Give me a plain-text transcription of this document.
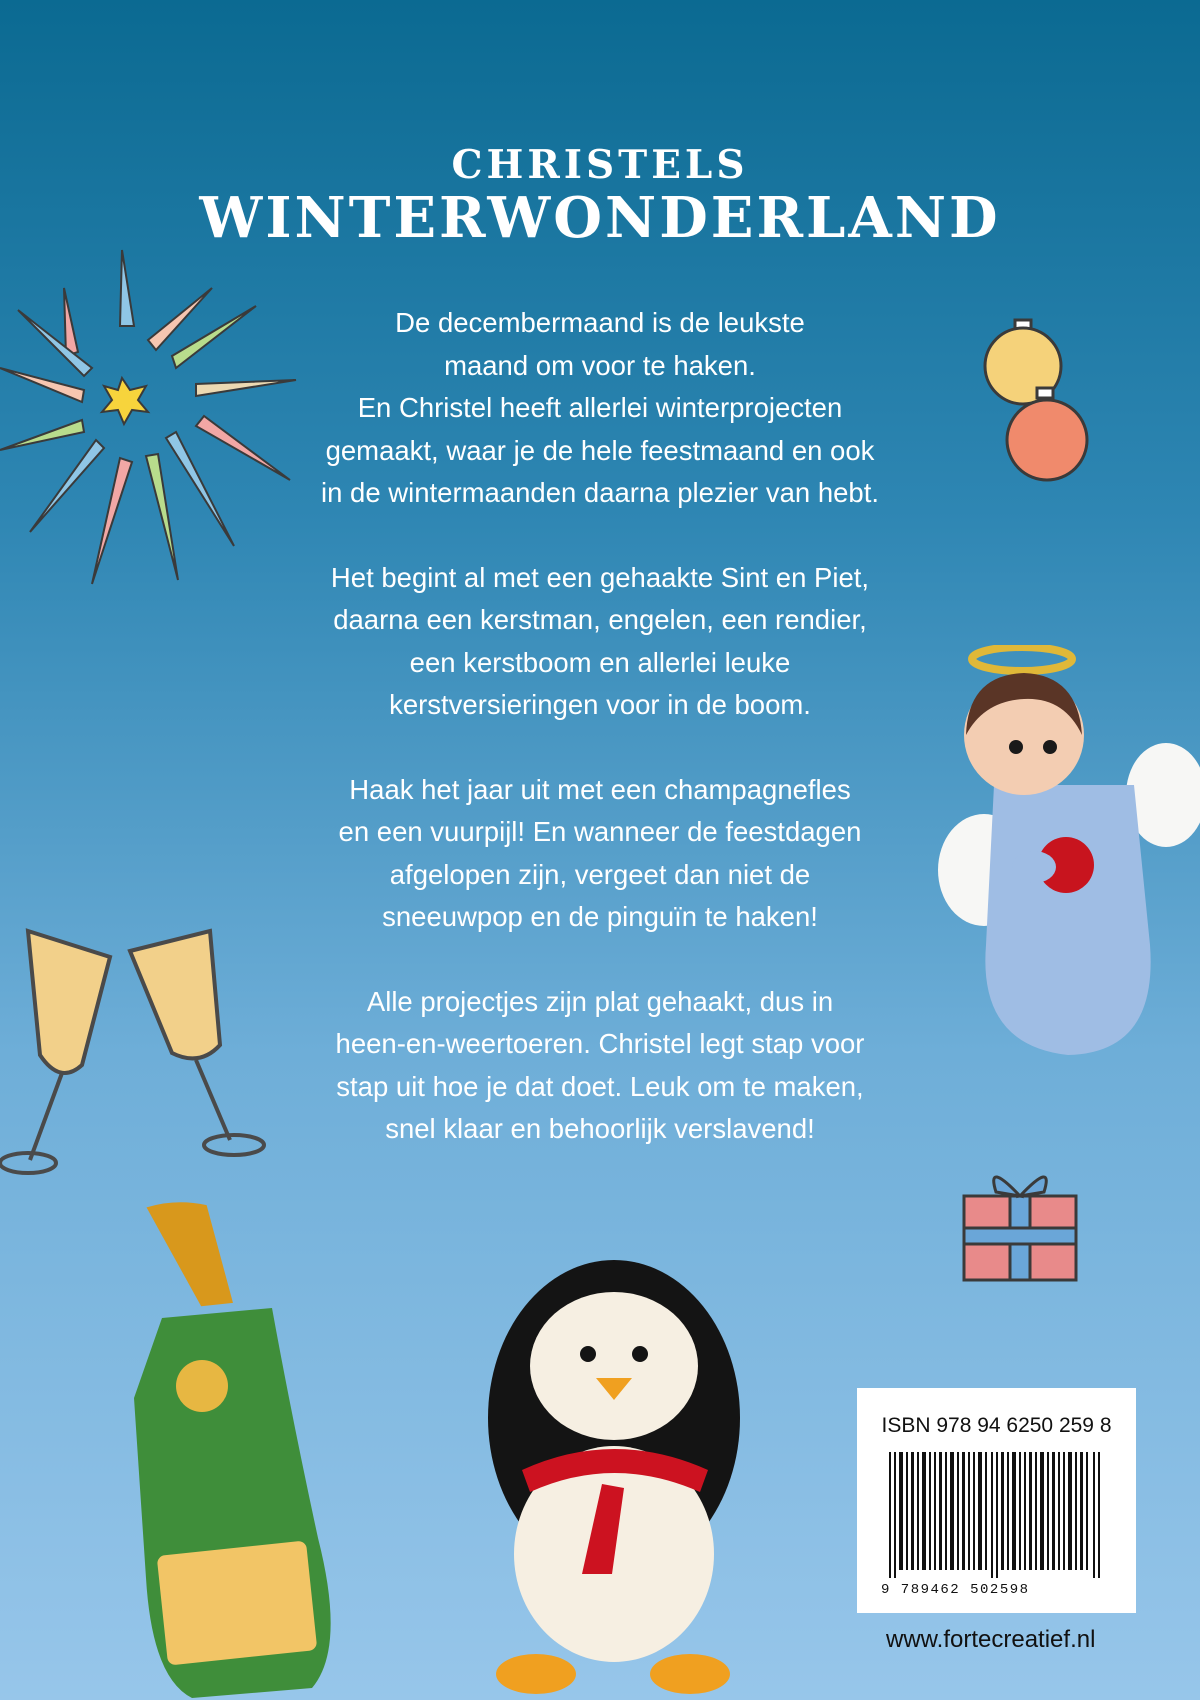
CHRISTELS
WINTERWONDERLAND
De decembermaand is de leukste
maand om voor te haken.
En Christel heeft allerlei winterprojecten
gemaakt, waar je de hele feestmaand en ook
in de wintermaanden daarna plezier van hebt.
Het begint al met een gehaakte Sint en Piet,
daarna een kerstman, engelen, een rendier,
een kerstboom en allerlei leuke
kerstversieringen voor in de boom.
Haak het jaar uit met een champagnefles
en een vuurpijl! En wanneer de feestdagen
afgelopen zijn, vergeet dan niet de
sneeuwpop en de pinguïn te haken!
Alle projectjes zijn plat gehaakt, dus in
heen-en-weertoeren. Christel legt stap voor
stap uit hoe je dat doet. Leuk om te maken,
snel klaar en behoorlijk verslavend!
ISBN 978 94 6250 259 8
9 789462 502598
www.fortecreatief.nl
